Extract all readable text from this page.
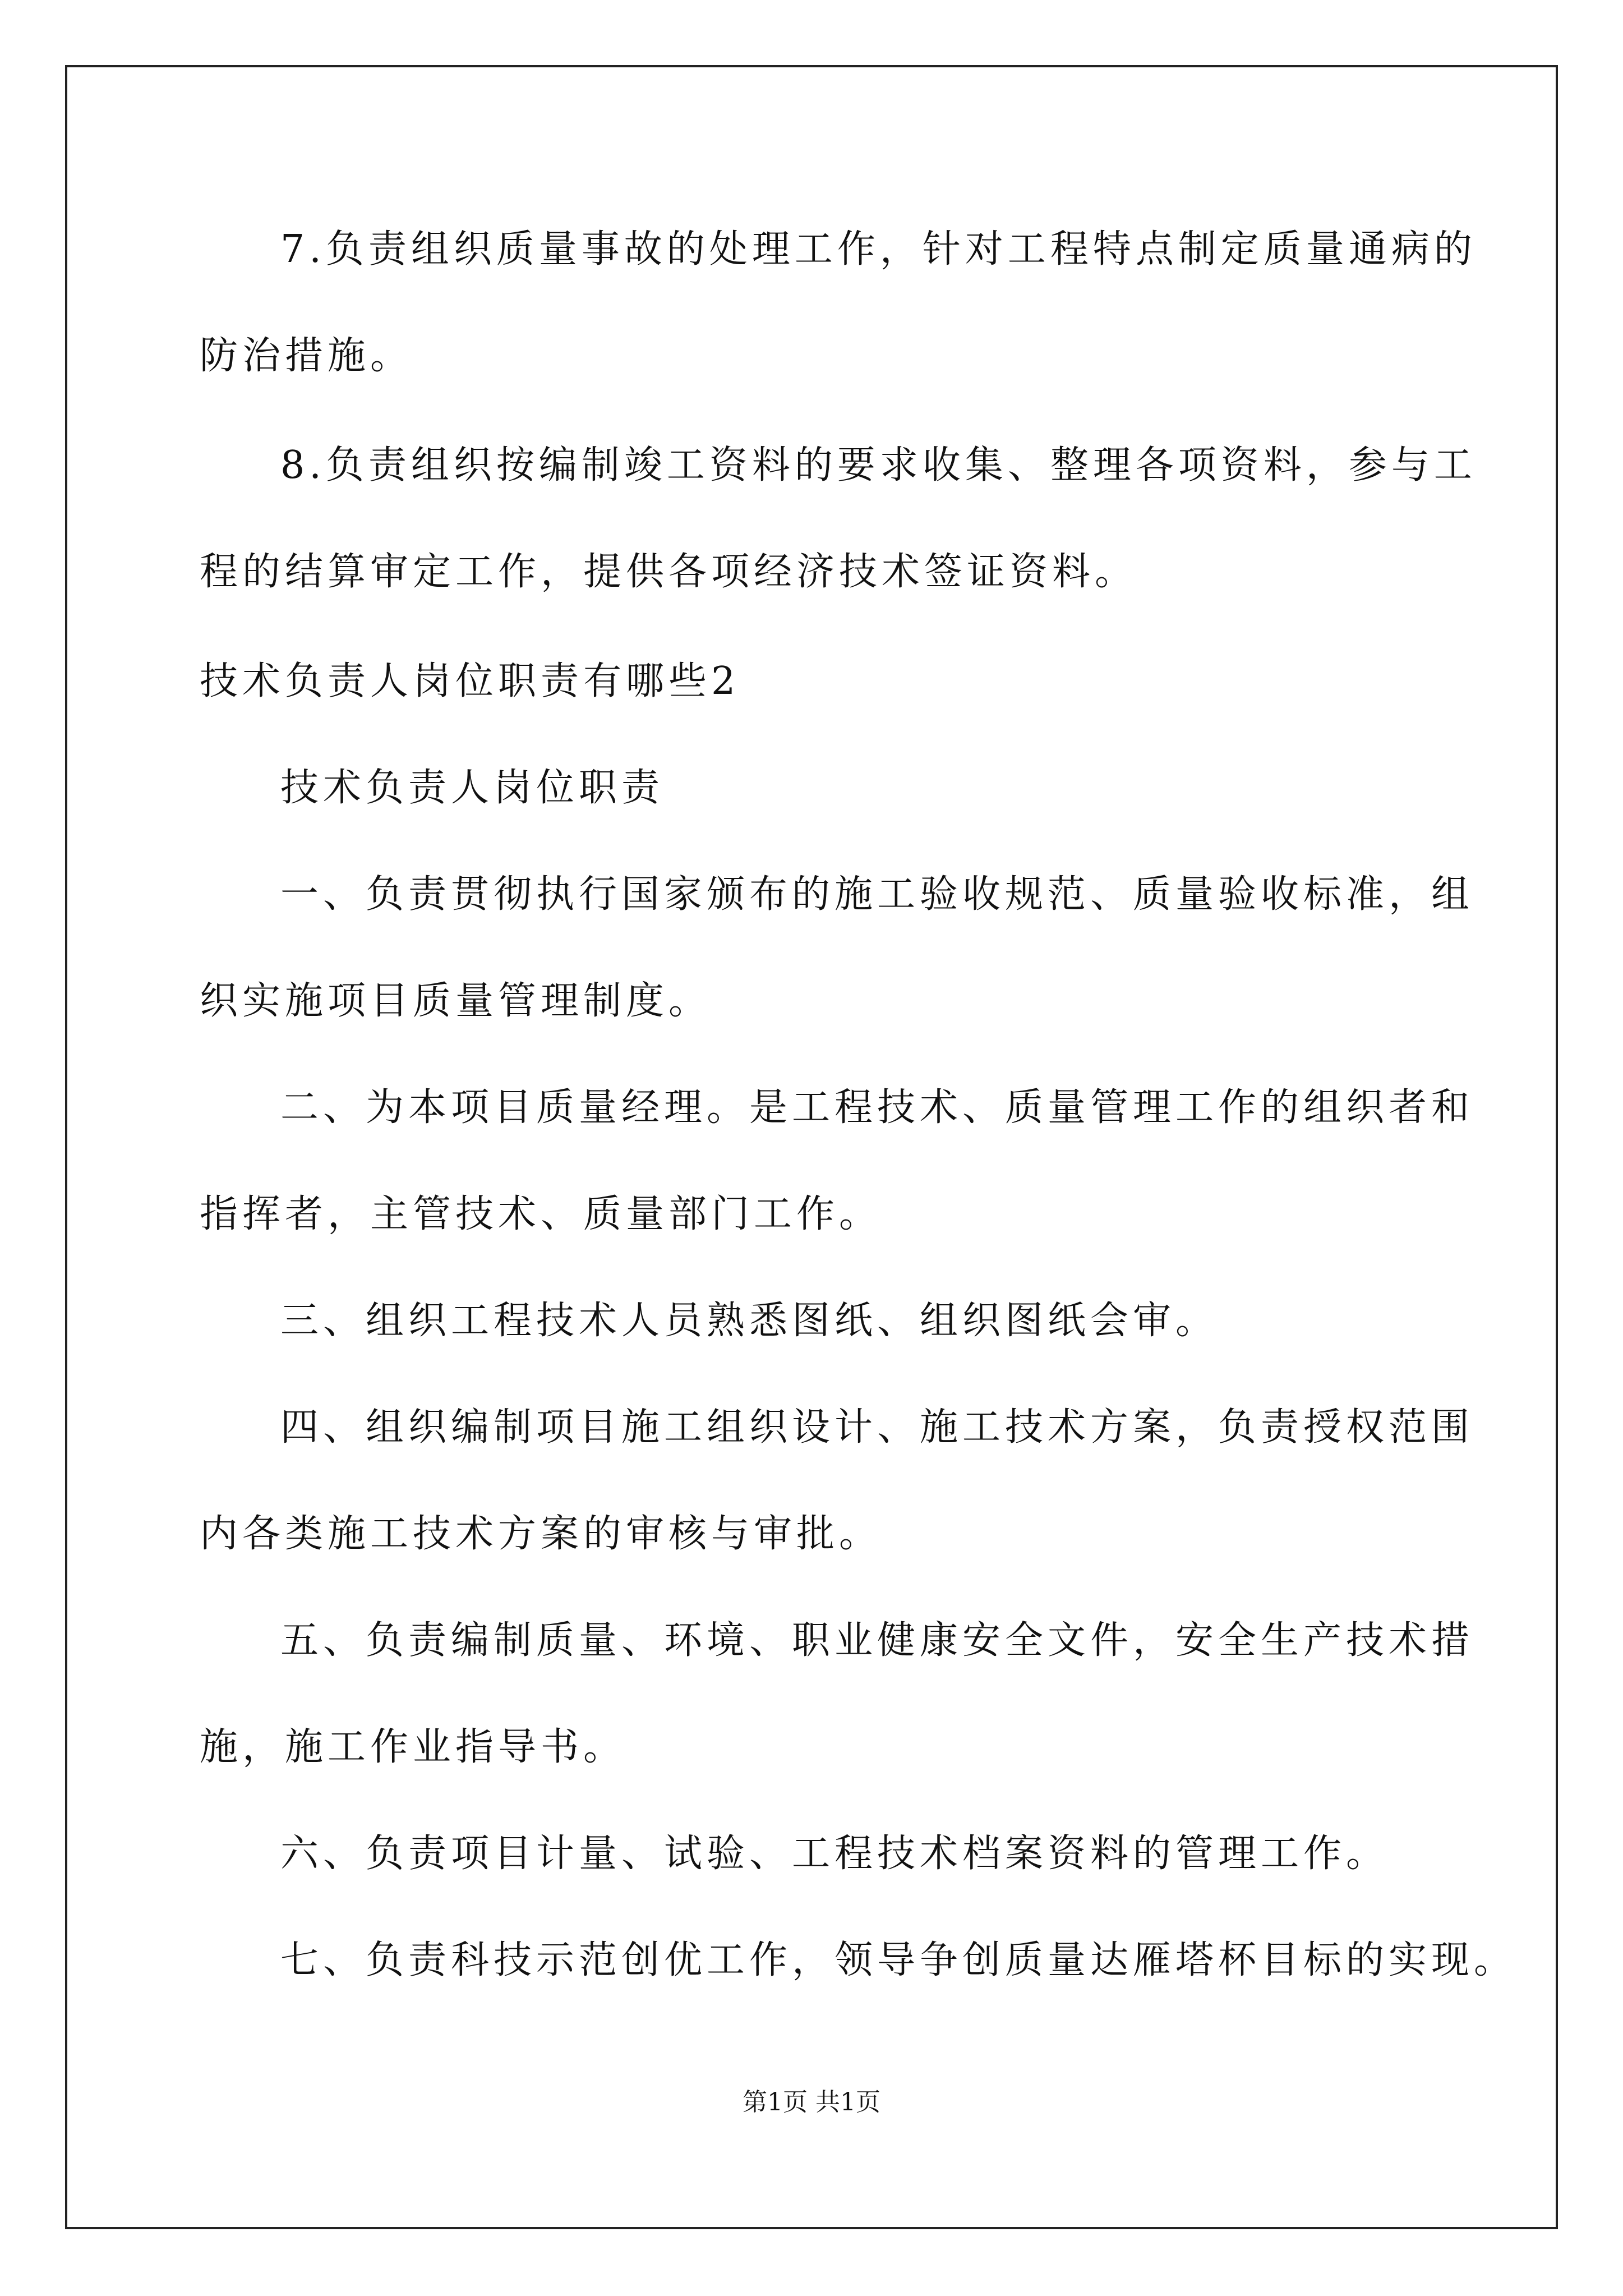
7.负责组织质量事故的处理工作，针对工程特点制定质量通病的
防治措施。
8.负责组织按编制竣工资料的要求收集、整理各项资料，参与工
程的结算审定工作，提供各项经济技术签证资料。
技术负责人岗位职责有哪些2
技术负责人岗位职责
一、负责贯彻执行国家颁布的施工验收规范、质量验收标准，组
织实施项目质量管理制度。
二、为本项目质量经理。是工程技术、质量管理工作的组织者和
指挥者，主管技术、质量部门工作。
三、组织工程技术人员熟悉图纸、组织图纸会审。
四、组织编制项目施工组织设计、施工技术方案，负责授权范围
内各类施工技术方案的审核与审批。
五、负责编制质量、环境、职业健康安全文件，安全生产技术措
施，施工作业指导书。
六、负责项目计量、试验、工程技术档案资料的管理工作。
七、负责科技示范创优工作，领导争创质量达雁塔杯目标的实现。
第1页 共1页
